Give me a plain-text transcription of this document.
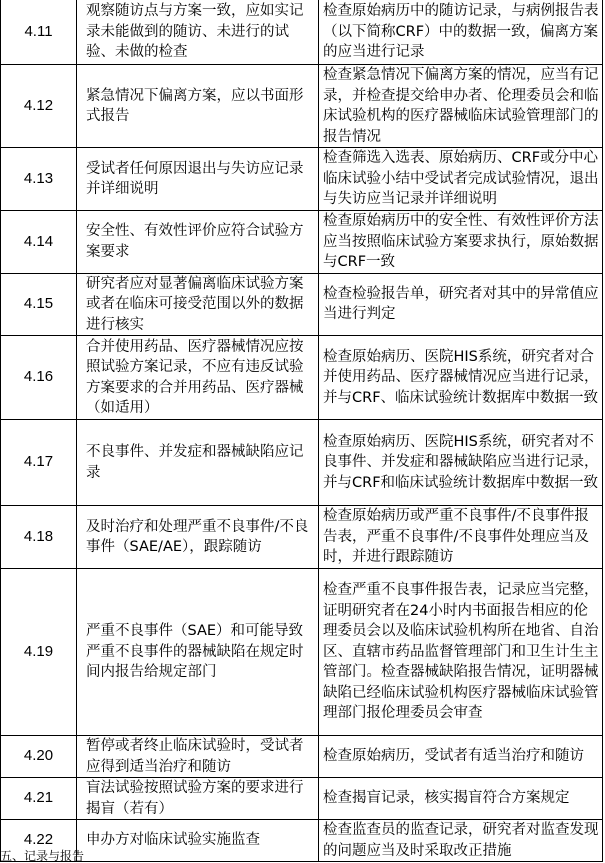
4.11	观察随访点与方案一致，应如实记录未能做到的随访、未进行的试验、未做的检查	检查原始病历中的随访记录，与病例报告表（以下简称CRF）中的数据一致，偏离方案的应当进行记录
4.12	紧急情况下偏离方案，应以书面形式报告	检查紧急情况下偏离方案的情况，应当有记录，并检查提交给申办者、伦理委员会和临床试验机构的医疗器械临床试验管理部门的报告情况
4.13	受试者任何原因退出与失访应记录并详细说明	检查筛选入选表、原始病历、CRF或分中心临床试验小结中受试者完成试验情况，退出与失访应当记录并详细说明
4.14	安全性、有效性评价应符合试验方案要求	检查原始病历中的安全性、有效性评价方法应当按照临床试验方案要求执行，原始数据与CRF一致
4.15	研究者应对显著偏离临床试验方案或者在临床可接受范围以外的数据进行核实	检查检验报告单，研究者对其中的异常值应当进行判定
4.16	合并使用药品、医疗器械情况应按照试验方案记录，不应有违反试验方案要求的合并用药品、医疗器械（如适用）	检查原始病历、医院HIS系统，研究者对合并使用药品、医疗器械情况应当进行记录，并与CRF、临床试验统计数据库中数据一致
4.17	不良事件、并发症和器械缺陷应记录	检查原始病历、医院HIS系统，研究者对不良事件、并发症和器械缺陷应当进行记录，并与CRF和临床试验统计数据库中数据一致
4.18	及时治疗和处理严重不良事件/不良事件（SAE/AE），跟踪随访	检查原始病历或严重不良事件/不良事件报告表，严重不良事件/不良事件处理应当及时，并进行跟踪随访
4.19	严重不良事件（SAE）和可能导致严重不良事件的器械缺陷在规定时间内报告给规定部门	检查严重不良事件报告表，记录应当完整，证明研究者在24小时内书面报告相应的伦理委员会以及临床试验机构所在地省、自治区、直辖市药品监督管理部门和卫生计生主管部门。检查器械缺陷报告情况，证明器械缺陷已经临床试验机构医疗器械临床试验管理部门报伦理委员会审查
4.20	暂停或者终止临床试验时，受试者应得到适当治疗和随访	检查原始病历，受试者有适当治疗和随访
4.21	盲法试验按照试验方案的要求进行揭盲（若有）	检查揭盲记录，核实揭盲符合方案规定
4.22	申办方对临床试验实施监查	检查监查员的监查记录，研究者对监查发现的问题应当及时采取改正措施
五、记录与报告
